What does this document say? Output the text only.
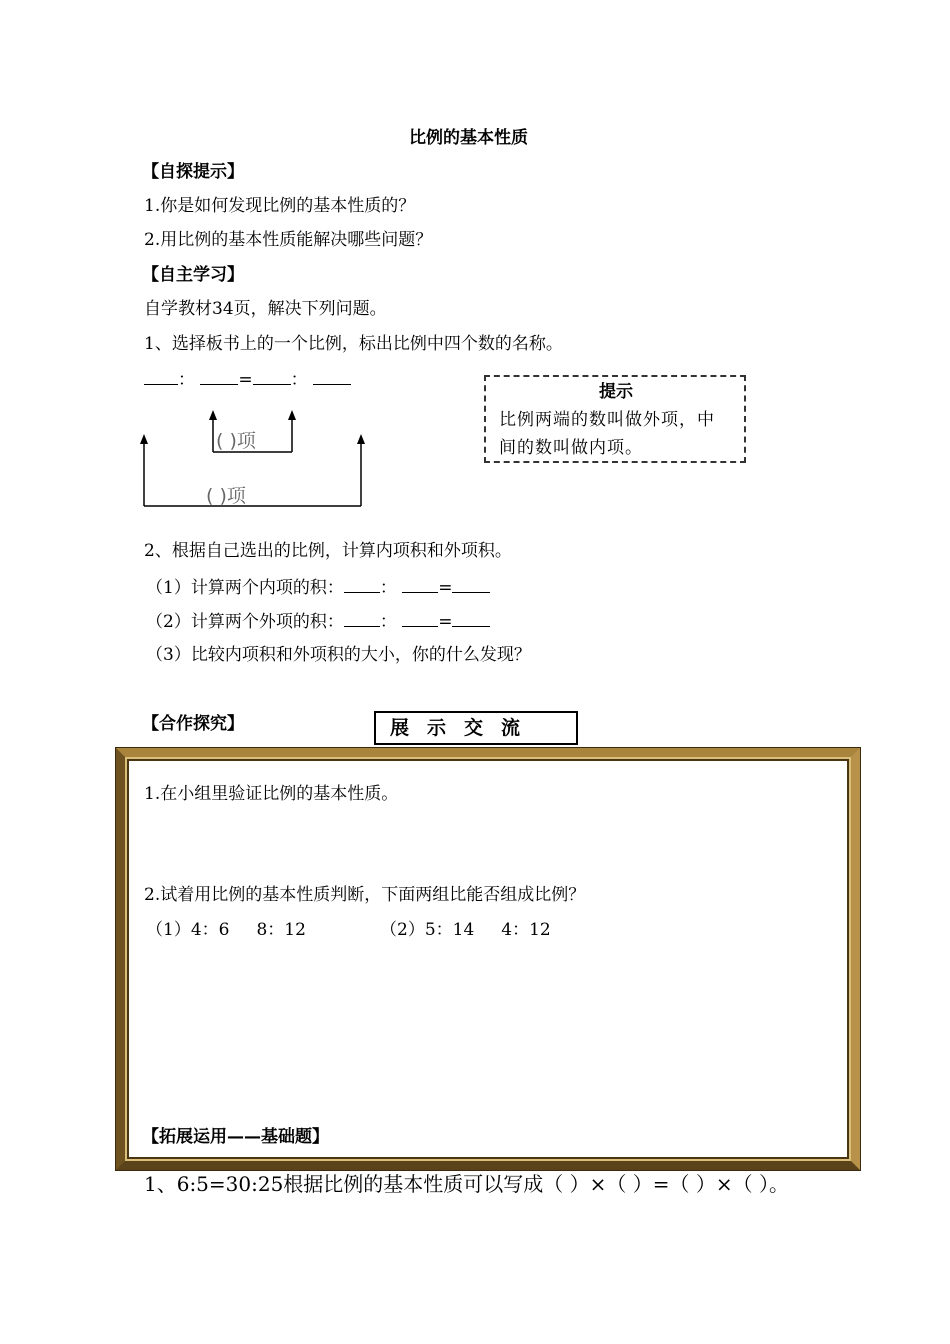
比例的基本性质
【自探提示】
1.你是如何发现比例的基本性质的？
2.用比例的基本性质能解决哪些问题？
【自主学习】
自学教材34页，解决下列问题。
1、选择板书上的一个比例，标出比例中四个数的名称。
：	= ：
( )项
( )项
提示
比例两端的数叫做外项，中
间的数叫做内项。
2、根据自己选出的比例，计算内项积和外项积。
（1）计算两个内项的积： ： =
（2）计算两个外项的积： ： =
（3）比较内项积和外项积的大小，你的什么发现？
【合作探究】	展示交流
1.在小组里验证比例的基本性质。
2.试着用比例的基本性质判断，下面两组比能否组成比例？
（1）4：6     8：12	（2）5：14     4：12
【拓展运用——基础题】
1、6:5=30:25根据比例的基本性质可以写成（ ）×（ ）=（ ）×（ ）。
